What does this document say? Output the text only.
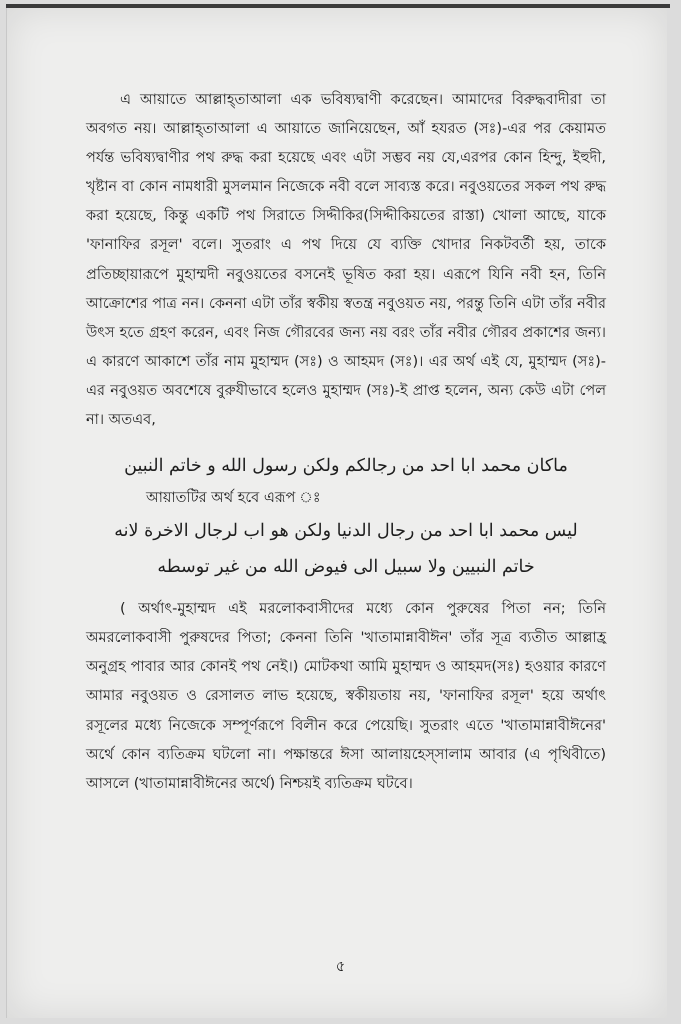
এ আয়াতে আল্লাহ্তাআলা এক ভবিষ্যদ্বাণী করেছেন। আমাদের বিরুদ্ধবাদীরা তা অবগত নয়। আল্লাহ্তাআলা এ আয়াতে জানিয়েছেন, আঁ হযরত (সঃ)-এর পর কেয়ামত পর্যন্ত ভবিষ্যদ্বাণীর পথ রুদ্ধ করা হয়েছে এবং এটা সম্ভব নয় যে,এরপর কোন হিন্দু, ইহুদী, খৃষ্টান বা কোন নামধারী মুসলমান নিজেকে নবী বলে সাব্যস্ত করে। নবুওয়তের সকল পথ রুদ্ধ করা হয়েছে, কিন্তু একটি পথ সিরাতে সিদ্দীকির(সিদ্দীকিয়তের রাস্তা) খোলা আছে, যাকে 'ফানাফির রসূল' বলে। সুতরাং এ পথ দিয়ে যে ব্যক্তি খোদার নিকটবর্তী হয়, তাকে প্রতিচ্ছায়ারূপে মুহাম্মদী নবুওয়তের বসনেই ভূষিত করা হয়। এরূপে যিনি নবী হন, তিনি আক্রোশের পাত্র নন। কেননা এটা তাঁর স্বকীয় স্বতন্ত্র নবুওয়ত নয়, পরন্তু তিনি এটা তাঁর নবীর উৎস হতে গ্রহণ করেন, এবং নিজ গৌরবের জন্য নয় বরং তাঁর নবীর গৌরব প্রকাশের জন্য। এ কারণে আকাশে তাঁর নাম মুহাম্মদ (সঃ) ও আহমদ (সঃ)। এর অর্থ এই যে, মুহাম্মদ (সঃ)-এর নবুওয়ত অবশেষে বুরুযীভাবে হলেও মুহাম্মদ (সঃ)-ই প্রাপ্ত হলেন, অন্য কেউ এটা পেল না। অতএব,

ماكان محمد ابا احد من رجالكم ولكن رسول الله و خاتم النبين

আয়াতটির অর্থ হবে এরূপ ঃ

ليس محمد ابا احد من رجال الدنيا ولكن هو اب لرجال الاخرة لانه

خاتم النبيين ولا سبيل الى فيوض الله من غير توسطه

( অর্থাৎ-মুহাম্মদ এই মরলোকবাসীদের মধ্যে কোন পুরুষের পিতা নন; তিনি অমরলোকবাসী পুরুষদের পিতা; কেননা তিনি 'খাতামান্নাবীঈন' তাঁর সূত্র ব্যতীত আল্লাহ্র অনুগ্রহ পাবার আর কোনই পথ নেই।) মোটকথা আমি মুহাম্মদ ও আহমদ(সঃ) হওয়ার কারণে আমার নবুওয়ত ও রেসালত লাভ হয়েছে, স্বকীয়তায় নয়, 'ফানাফির রসূল' হয়ে অর্থাৎ রসূলের মধ্যে নিজেকে সম্পূর্ণরূপে বিলীন করে পেয়েছি। সুতরাং এতে 'খাতামান্নাবীঈনের' অর্থে কোন ব্যতিক্রম ঘটলো না। পক্ষান্তরে ঈসা আলায়হেস্সালাম আবার (এ পৃথিবীতে) আসলে (খাতামান্নাবীঈনের অর্থে) নিশ্চয়ই ব্যতিক্রম ঘটবে।

৫
